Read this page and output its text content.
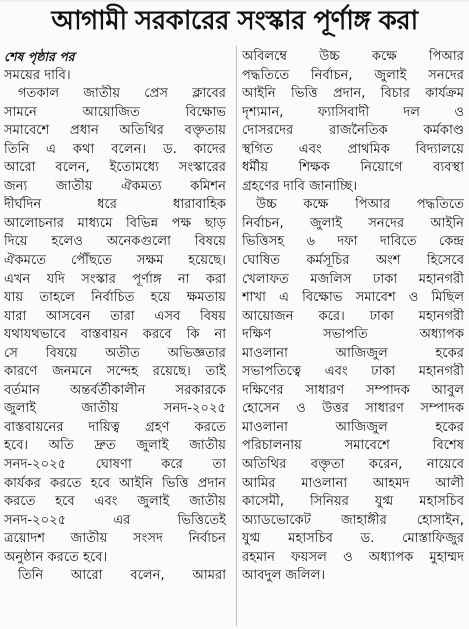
আগামী সরকারের সংস্কার পূর্ণাঙ্গ করা
শেষ পৃষ্ঠার পর
সময়ের দাবি।
গতকাল জাতীয় প্রেস ক্লাবের
সামনে আয়োজিত বিক্ষোভ
সমাবেশে প্রধান অতিথির বক্তৃতায়
তিনি এ কথা বলেন। ড. কাদের
আরো বলেন, ইতোমধ্যে সংস্কারের
জন্য জাতীয় ঐকমত্য কমিশন
দীর্ঘদিন ধরে ধারাবাহিক
আলোচনার মাধ্যমে বিভিন্ন পক্ষ ছাড়
দিয়ে হলেও অনেকগুলো বিষয়ে
ঐকমতে পৌঁছতে সক্ষম হয়েছে।
এখন যদি সংস্কার পূর্ণাঙ্গ না করা
যায় তাহলে নির্বাচিত হয়ে ক্ষমতায়
যারা আসবেন তারা এসব বিষয়
যথাযথভাবে বাস্তবায়ন করবে কি না
সে বিষয়ে অতীত অভিজ্ঞতার
কারণে জনমনে সন্দেহ রয়েছে। তাই
বর্তমান অন্তর্বর্তীকালীন সরকারকে
জুলাই জাতীয় সনদ-২০২৫
বাস্তবায়নের দায়িত্ব গ্রহণ করতে
হবে। অতি দ্রুত জুলাই জাতীয়
সনদ-২০২৫ ঘোষণা করে তা
কার্যকর করতে হবে আইনি ভিত্তি প্রদান
করতে হবে এবং জুলাই জাতীয়
সনদ-২০২৫ এর ভিত্তিতেই
ত্রয়োদশ জাতীয় সংসদ নির্বাচন
অনুষ্ঠান করতে হবে।
তিনি আরো বলেন, আমরা
অবিলম্বে উচ্চ কক্ষে পিআর
পদ্ধতিতে নির্বাচন, জুলাই সনদের
আইনি ভিত্তি প্রদান, বিচার কার্যক্রম
দৃশ্যমান, ফ্যাসিবাদী দল ও
দোসরদের রাজনৈতিক কর্মকাণ্ড
স্থগিত এবং প্রাথমিক বিদ্যালয়ে
ধর্মীয় শিক্ষক নিয়োগে ব্যবস্থা
গ্রহণের দাবি জানাচ্ছি।
উচ্চ কক্ষে পিআর পদ্ধতিতে
নির্বাচন, জুলাই সনদের আইনি
ভিত্তিসহ ৬ দফা দাবিতে কেন্দ্র
ঘোষিত কর্মসূচির অংশ হিসেবে
খেলাফত মজলিস ঢাকা মহানগরী
শাখা এ বিক্ষোভ সমাবেশ ও মিছিল
আয়োজন করে। ঢাকা মহানগরী
দক্ষিণ সভাপতি অধ্যাপক
মাওলানা আজিজুল হকের
সভাপতিত্বে এবং ঢাকা মহানগরী
দক্ষিণের সাধারণ সম্পাদক আবুল
হোসেন ও উত্তর সাধারণ সম্পাদক
মাওলানা আজিজুল হকের
পরিচালনায় সমাবেশে বিশেষ
অতিথির বক্তৃতা করেন, নায়েবে
আমির মাওলানা আহমদ আলী
কাসেমী, সিনিয়র যুগ্ম মহাসচিব
অ্যাডভোকেট জাহাঙ্গীর হোসাইন,
যুগ্ম মহাসচিব ড. মোস্তাফিজুর
রহমান ফয়সল ও অধ্যাপক মুহাম্মদ
আবদুল জলিল।
